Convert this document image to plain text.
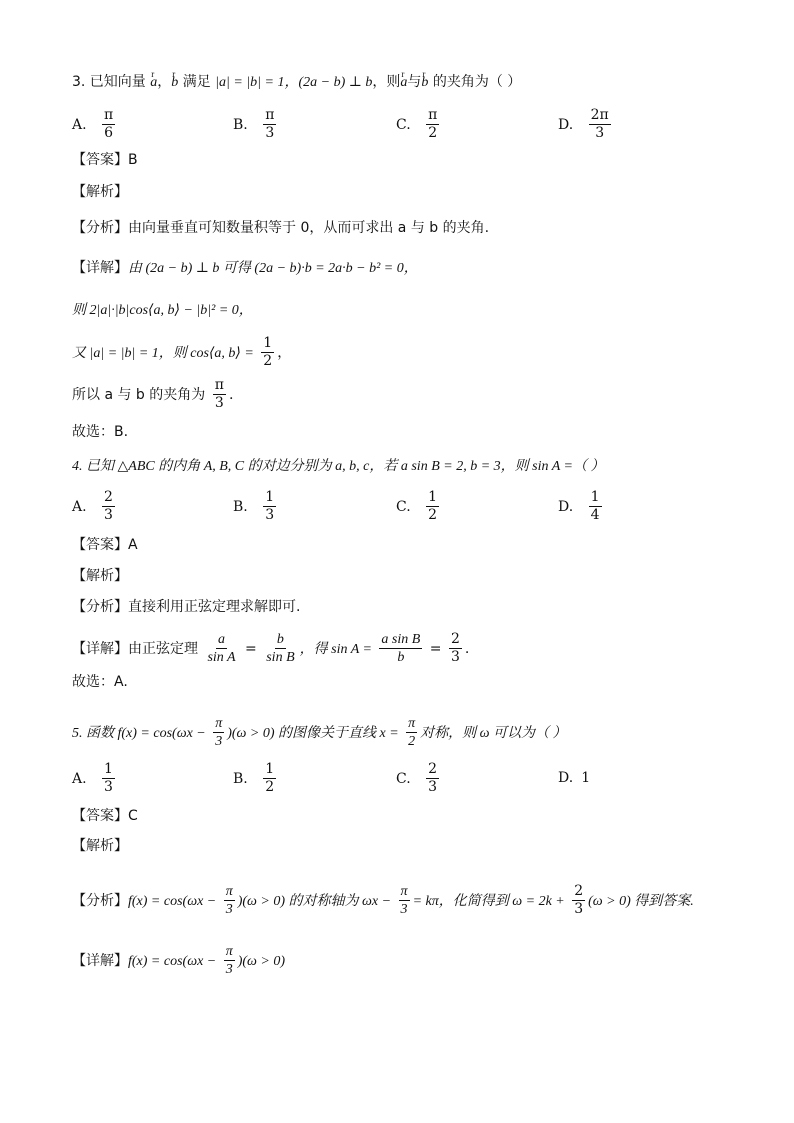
3. 已知向量 r a，r b 满足 |a| = |b| = 1，(2a − b) ⊥ b，则r a与r b 的夹角为（ ）
A. $\frac{\pi}{6}$	B. $\frac{\pi}{3}$	C. $\frac{\pi}{2}$	D. $\frac{2\pi}{3}$
【答案】B
【解析】
【分析】由向量垂直可知数量积等于 0，从而可求出 a 与 b 的夹角.
【详解】由 (2a − b) ⊥ b 可得 (2a − b)·b = 2a·b − b² = 0，
则 2|a|·|b|cos⟨a, b⟩ − |b|² = 0，
又 |a| = |b| = 1，则 cos⟨a, b⟩ = $\frac{1}{2}$ ，
所以 a 与 b 的夹角为 $\frac{\pi}{3}$ .
故选：B.
4. 已知 △ABC 的内角 A, B, C 的对边分别为 a, b, c，若 a sin B = 2, b = 3，则 sin A =（ ）
A. $\frac{2}{3}$	B. $\frac{1}{3}$	C. $\frac{1}{2}$	D. $\frac{1}{4}$
【答案】A
【解析】
【分析】直接利用正弦定理求解即可.
【详解】由正弦定理 $\frac{a}{\text{sin A}} = \frac{b}{\text{sin B}}$ ，得 $\sin A = \frac{\text{a sin B}}{b} = \frac{2}{3}$ .
故选：A.
5. 函数 $f(x) = \cos(\omega x - \frac{\pi}{3} )(\omega > 0)$ 的图像关于直线 $x = \frac{\pi}{2}$ 对称，则 ω 可以为（ ）
A. $\frac{1}{3}$	B. $\frac{1}{2}$	C. $\frac{2}{3}$	D. 1
【答案】C
【解析】
【分析】$f(x) = \cos(\omega x - \frac{\pi}{3} )(\omega > 0)$ 的对称轴为 $\omega x - \frac{\pi}{3} = k\pi$，化简得到 $\omega = 2k + \frac{2}{3} (\omega > 0)$ 得到答案.
【详解】$f(x) = \cos(\omega x - \frac{\pi}{3} )(\omega > 0)$
